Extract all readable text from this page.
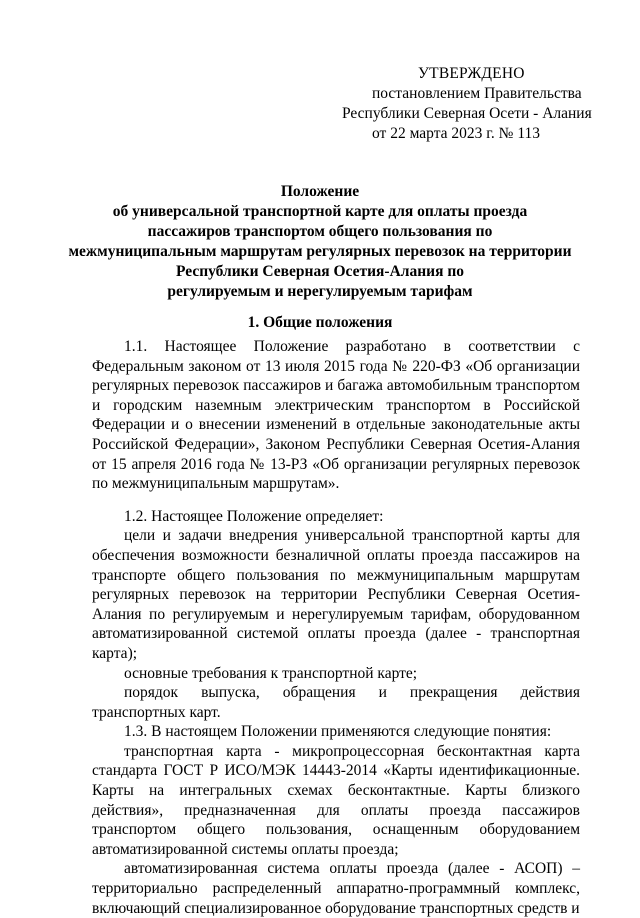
УТВЕРЖДЕНО
постановлением Правительства
Республики Северная Осети - Алания
от 22 марта 2023 г. № 113
Положение
об универсальной транспортной карте для оплаты проезда
пассажиров транспортом общего пользования по
межмуниципальным маршрутам регулярных перевозок на территории
Республики Северная Осетия-Алания по
регулируемым и нерегулируемым тарифам
1. Общие положения

1.1. Настоящее Положение разработано в соответствии с Федеральным законом от 13 июля 2015 года № 220-ФЗ «Об организации регулярных перевозок пассажиров и багажа автомобильным транспортом и городским наземным электрическим транспортом в Российской Федерации и о внесении изменений в отдельные законодательные акты Российской Федерации», Законом Республики Северная Осетия-Алания от 15 апреля 2016 года № 13-РЗ «Об организации регулярных перевозок по межмуниципальным маршрутам».

1.2. Настоящее Положение определяет:

цели и задачи внедрения универсальной транспортной карты для обеспечения возможности безналичной оплаты проезда пассажиров на транспорте общего пользования по межмуниципальным маршрутам регулярных перевозок на территории Республики Северная Осетия-Алания по регулируемым и нерегулируемым тарифам, оборудованном автоматизированной системой оплаты проезда (далее - транспортная карта);

основные требования к транспортной карте;

порядок выпуска, обращения и прекращения действия транспортных карт.

1.3. В настоящем Положении применяются следующие понятия:

транспортная карта - микропроцессорная бесконтактная карта стандарта ГОСТ Р ИСО/МЭК 14443-2014 «Карты идентификационные. Карты на интегральных схемах бесконтактные. Карты близкого действия», предназначенная для оплаты проезда пассажиров транспортом общего пользования, оснащенным оборудованием автоматизированной системы оплаты проезда;

автоматизированная система оплаты проезда (далее - АСОП) – территориально распределенный аппаратно-программный комплекс, включающий специализированное оборудование транспортных средств и
